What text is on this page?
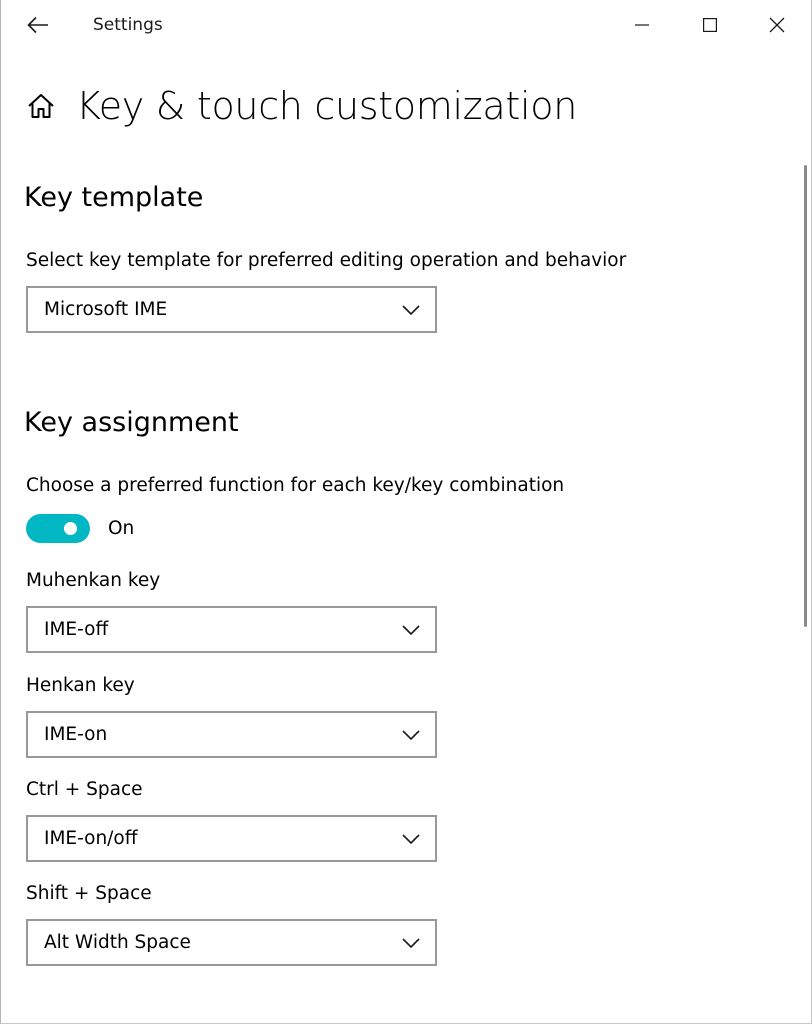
Settings
Key & touch customization
Key template
Select key template for preferred editing operation and behavior
Microsoft IME
Key assignment
Choose a preferred function for each key/key combination
On
Muhenkan key
IME-off
Henkan key
IME-on
Ctrl + Space
IME-on/off
Shift + Space
Alt Width Space
